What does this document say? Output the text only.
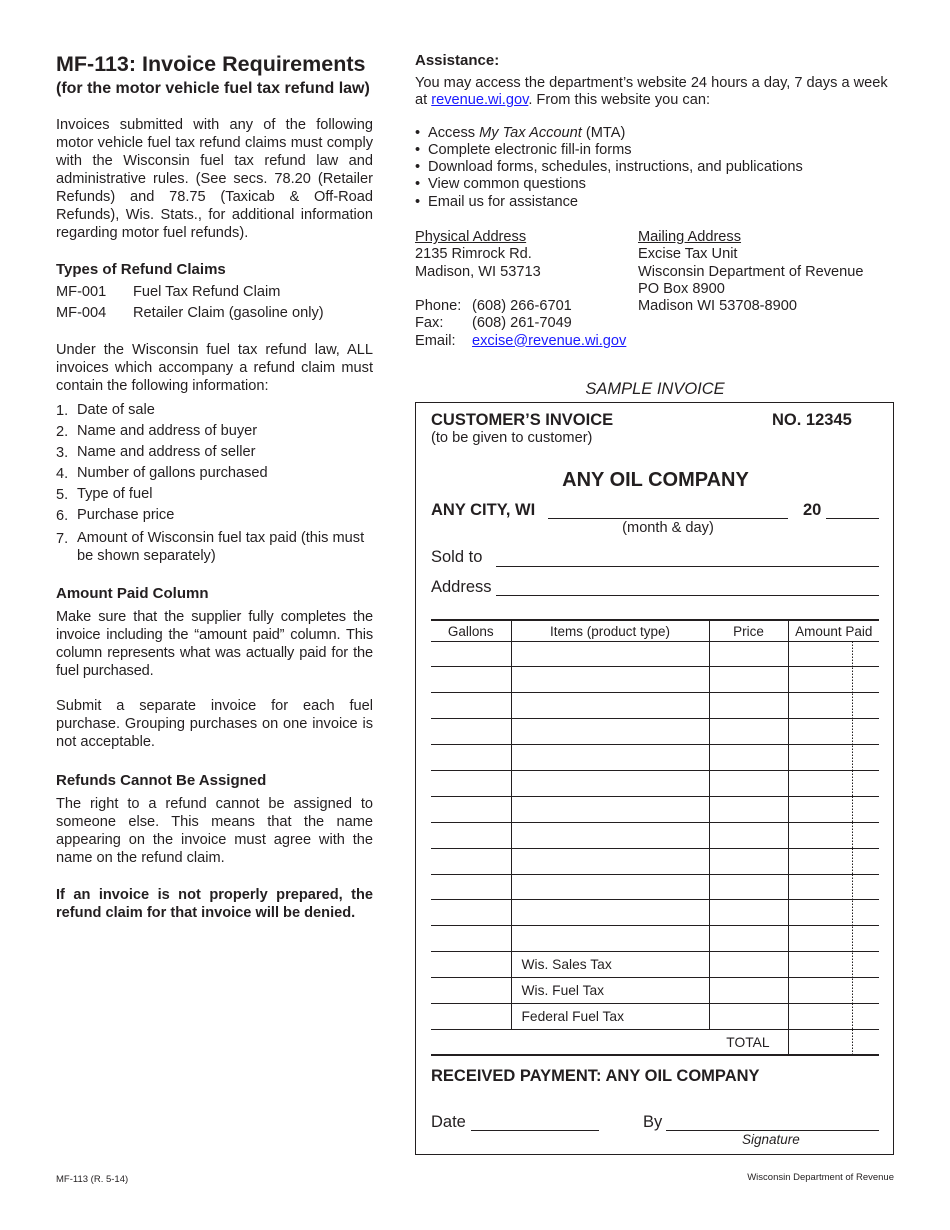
MF-113: Invoice Requirements
(for the motor vehicle fuel tax refund law)

Invoices submitted with any of the following motor vehicle fuel tax refund claims must comply with the Wisconsin fuel tax refund law and administrative rules. (See secs. 78.20 (Retailer Refunds) and 78.75 (Taxicab & Off-Road Refunds), Wis. Stats., for additional information regarding motor fuel refunds).

Types of Refund Claims
MF-001	Fuel Tax Refund Claim
MF-004	Retailer Claim (gasoline only)

Under the Wisconsin fuel tax refund law, ALL invoices which accompany a refund claim must contain the following information:

1. Date of sale
2. Name and address of buyer
3. Name and address of seller
4. Number of gallons purchased
5. Type of fuel
6. Purchase price
7. Amount of Wisconsin fuel tax paid (this must be shown separately)
Amount Paid Column

Make sure that the supplier fully completes the invoice including the “amount paid” column. This column represents what was actually paid for the fuel purchased.

Submit a separate invoice for each fuel purchase. Grouping purchases on one invoice is not acceptable.

Refunds Cannot Be Assigned

The right to a refund cannot be assigned to someone else. This means that the name appearing on the invoice must agree with the name on the refund claim.

If an invoice is not properly prepared, the refund claim for that invoice will be denied.

Assistance:

You may access the department’s website 24 hours a day, 7 days a week at revenue.wi.gov. From this website you can:

• Access My Tax Account (MTA)
• Complete electronic fill-in forms
• Download forms, schedules, instructions, and publications
• View common questions
• Email us for assistance
Physical Address
2135 Rimrock Rd.
Madison, WI 53713
Phone: (608) 266-6701
Fax:	(608) 261-7049
Email:	excise@revenue.wi.gov
Mailing Address
Excise Tax Unit
Wisconsin Department of Revenue
PO Box 8900
Madison WI 53708-8900
SAMPLE INVOICE
CUSTOMER’S INVOICE	NO. 12345
(to be given to customer)
ANY OIL COMPANY
ANY CITY, WI	20
(month & day)
Sold to
Address
Gallons	Items (product type)	Price	Amount Paid

	Wis. Sales Tax		
	Wis. Fuel Tax		
	Federal Fuel Tax		
TOTAL			
RECEIVED PAYMENT: ANY OIL COMPANY
Date	By
Signature
MF-113 (R. 5-14)	Wisconsin Department of Revenue
